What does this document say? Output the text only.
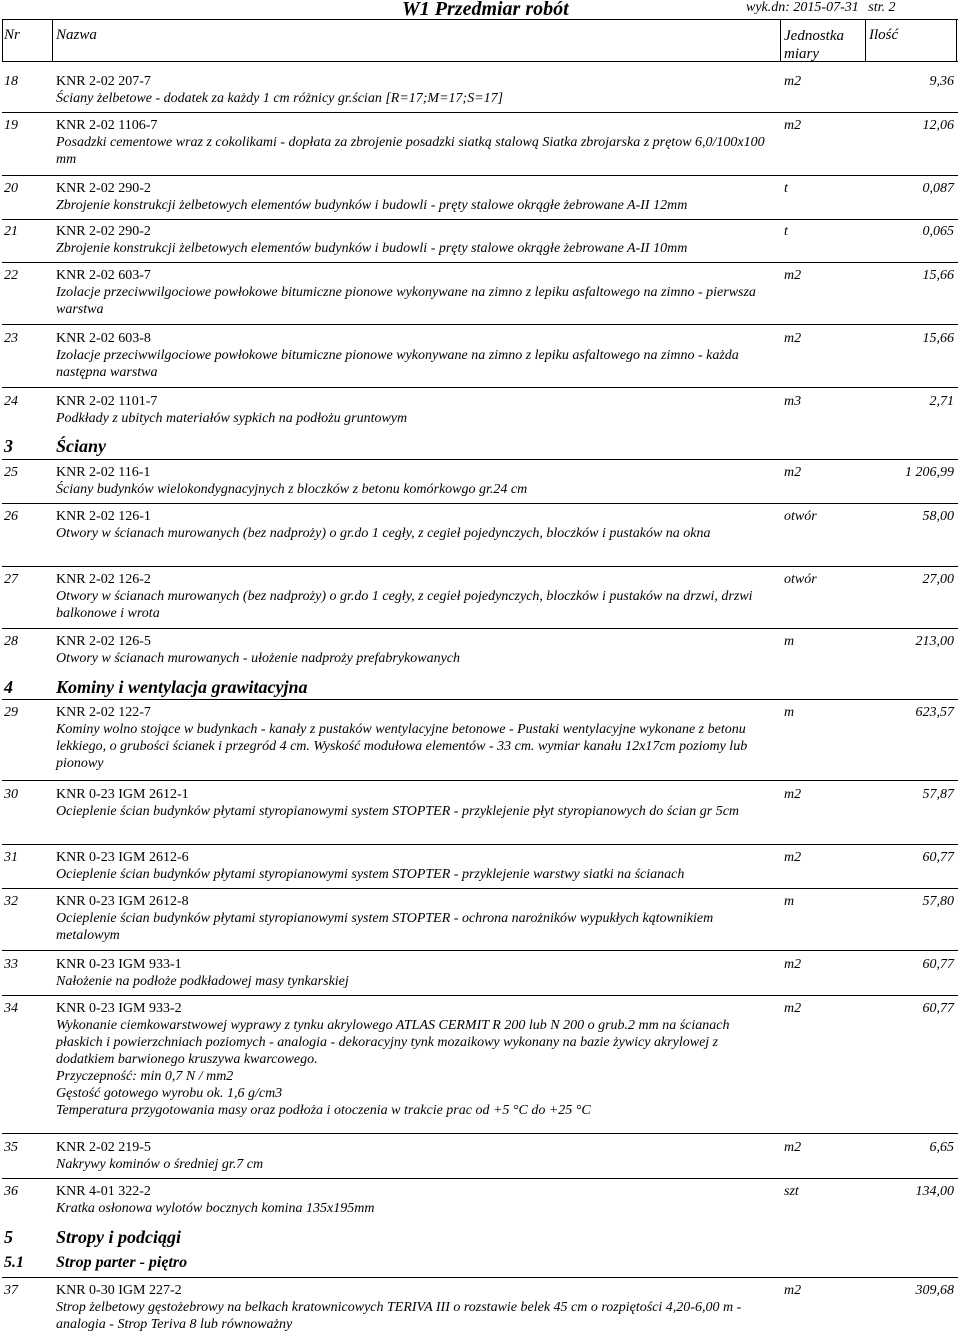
W1 Przedmiar robót	wyk.dn: 2015-07-31 str. 2
Nr Nazwa	Jednostka miary
Ilość
18	KNR 2-02 207-7
Ściany żelbetowe - dodatek za każdy 1 cm różnicy gr.ścian [R=17;M=17;S=17]
m2	9,36
19	KNR 2-02 1106-7
Posadzki cementowe wraz z cokolikami - dopłata za zbrojenie posadzki siatką stalową Siatka zbrojarska z prętow 6,0/100x100 mm
m2	12,06
20	KNR 2-02 290-2
Zbrojenie konstrukcji żelbetowych elementów budynków i budowli - pręty stalowe okrągłe żebrowane A-II 12mm
t	0,087
21	KNR 2-02 290-2
Zbrojenie konstrukcji żelbetowych elementów budynków i budowli - pręty stalowe okrągłe żebrowane A-II 10mm
t	0,065
22	KNR 2-02 603-7
Izolacje przeciwwilgociowe powłokowe bitumiczne pionowe wykonywane na zimno z lepiku asfaltowego na zimno - pierwsza warstwa
m2	15,66
23	KNR 2-02 603-8
Izolacje przeciwwilgociowe powłokowe bitumiczne pionowe wykonywane na zimno z lepiku asfaltowego na zimno - każda następna warstwa
m2	15,66
24	KNR 2-02 1101-7
Podkłady z ubitych materiałów sypkich na podłożu gruntowym
m3	2,71
3 Ściany
25	KNR 2-02 116-1
Ściany budynków wielokondygnacyjnych z bloczków z betonu komórkowgo gr.24 cm
m2	1 206,99
26	KNR 2-02 126-1
Otwory w ścianach murowanych (bez nadproży) o gr.do 1 cegły, z cegieł pojedynczych, bloczków i pustaków na okna
otwór	58,00
27	KNR 2-02 126-2
Otwory w ścianach murowanych (bez nadproży) o gr.do 1 cegły, z cegieł pojedynczych, bloczków i pustaków na drzwi, drzwi balkonowe i wrota
otwór	27,00
28	KNR 2-02 126-5
Otwory w ścianach murowanych - ułożenie nadproży prefabrykowanych
m	213,00
4 Kominy i wentylacja grawitacyjna
29	KNR 2-02 122-7
Kominy wolno stojące w budynkach - kanały z pustaków wentylacyjne betonowe - Pustaki wentylacyjne wykonane z betonu lekkiego, o grubości ścianek i przegród 4 cm. Wyskość modułowa elementów - 33 cm. wymiar kanału 12x17cm poziomy lub pionowy
m	623,57
30	KNR 0-23 IGM 2612-1
Ocieplenie ścian budynków płytami styropianowymi system STOPTER - przyklejenie płyt styropianowych do ścian gr 5cm
m2	57,87
31	KNR 0-23 IGM 2612-6
Ocieplenie ścian budynków płytami styropianowymi system STOPTER - przyklejenie warstwy siatki na ścianach
m2	60,77
32	KNR 0-23 IGM 2612-8
Ocieplenie ścian budynków płytami styropianowymi system STOPTER - ochrona narożników wypukłych kątownikiem metalowym
m	57,80
33	KNR 0-23 IGM 933-1
Nałożenie na podłoże podkładowej masy tynkarskiej
m2	60,77
34	KNR 0-23 IGM 933-2
Wykonanie ciemkowarstwowej wyprawy z tynku akrylowego ATLAS CERMIT R 200 lub N 200 o grub.2 mm na ścianach płaskich i powierzchniach poziomych - analogia - dekoracyjny tynk mozaikowy wykonany na bazie żywicy akrylowej z dodatkiem barwionego kruszywa kwarcowego.
Przyczepność: min 0,7 N / mm2
Gęstość gotowego wyrobu ok. 1,6 g/cm3
Temperatura przygotowania masy oraz podłoża i otoczenia w trakcie prac od +5 °C do +25 °C
m2	60,77
35	KNR 2-02 219-5
Nakrywy kominów o średniej gr.7 cm
m2	6,65
36	KNR 4-01 322-2
Kratka osłonowa wylotów bocznych komina 135x195mm
szt	134,00
5 Stropy i podciągi
5.1 Strop parter - piętro
37	KNR 0-30 IGM 227-2
Strop żelbetowy gęstożebrowy na belkach kratownicowych TERIVA III o rozstawie belek 45 cm o rozpiętości 4,20-6,00 m - analogia - Strop Teriva 8 lub równoważny
m2	309,68
